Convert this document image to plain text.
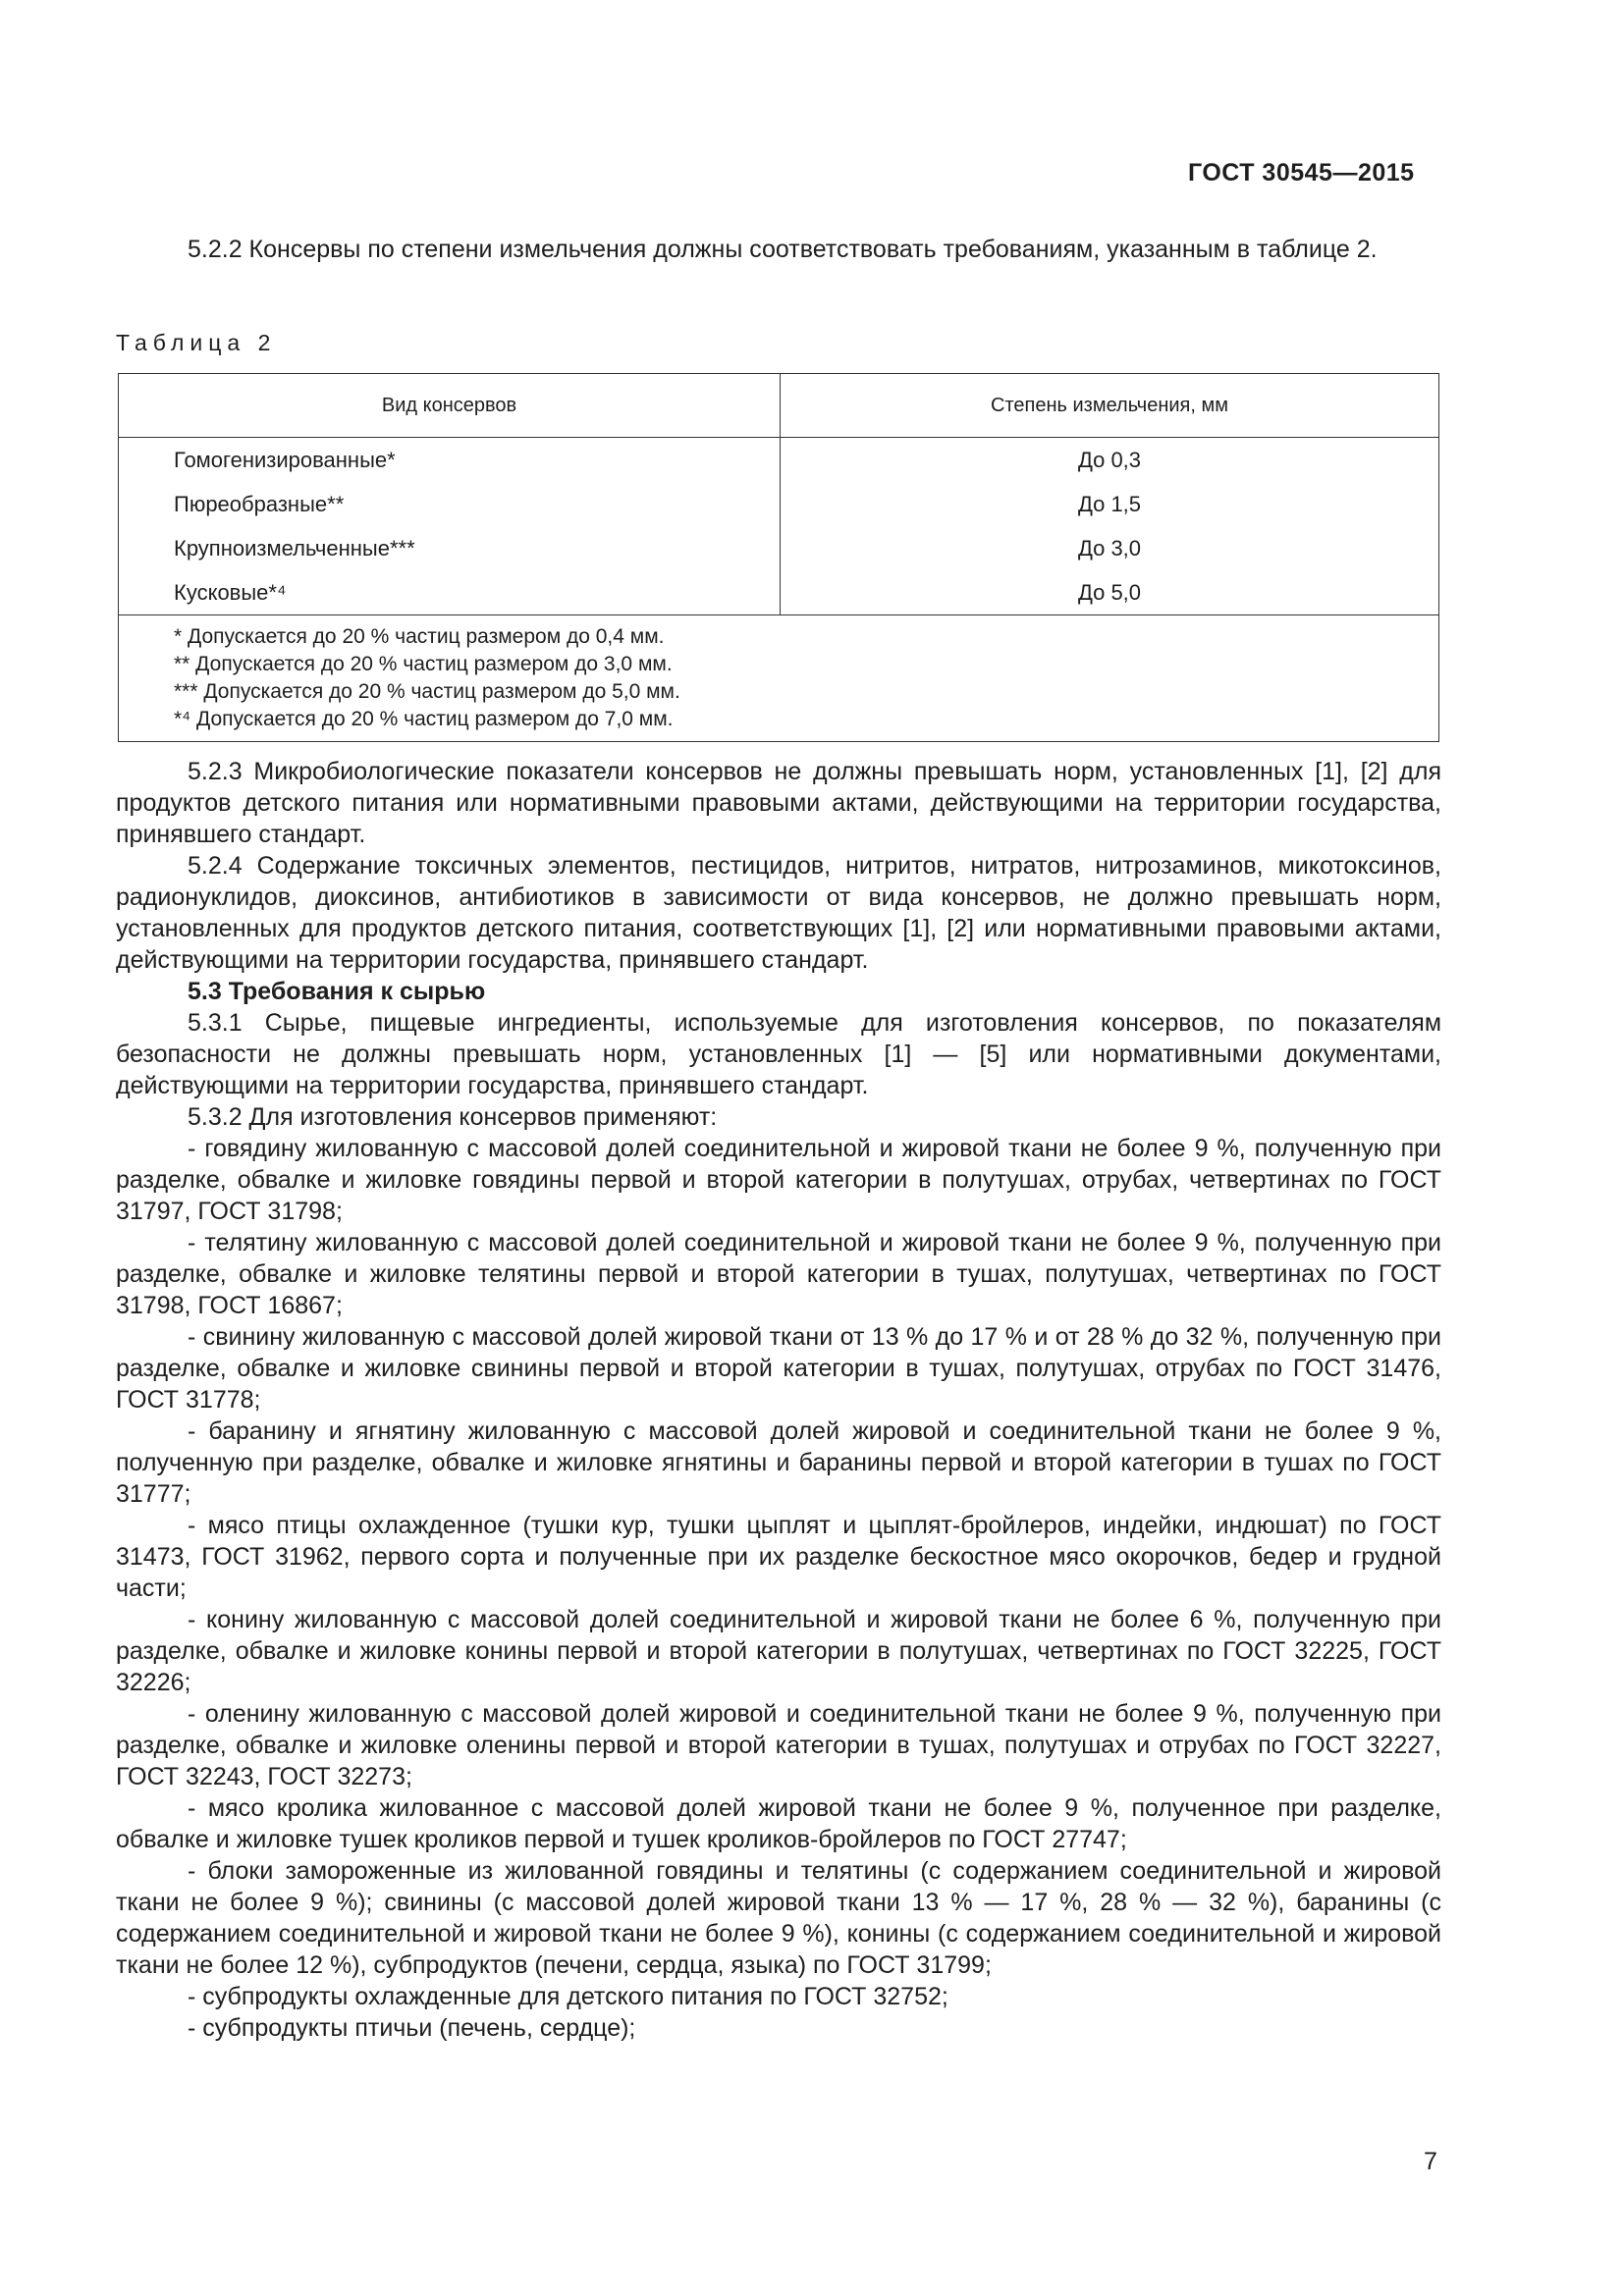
ГОСТ 30545—2015

5.2.2 Консервы по степени измельчения должны соответствовать требованиям, указанным в таблице 2.

Таблица 2
Вид консервов	Степень измельчения, мм
Гомогенизированные*	До 0,3
Пюреобразные**	До 1,5
Крупноизмельченные***	До 3,0
Кусковые*⁴	До 5,0

* Допускается до 20 % частиц размером до 0,4 мм.
** Допускается до 20 % частиц размером до 3,0 мм.
*** Допускается до 20 % частиц размером до 5,0 мм.
*⁴ Допускается до 20 % частиц размером до 7,0 мм.	

5.2.3 Микробиологические показатели консервов не должны превышать норм, установленных [1], [2] для продуктов детского питания или нормативными правовыми актами, действующими на территории государства, принявшего стандарт.

5.2.4 Содержание токсичных элементов, пестицидов, нитритов, нитратов, нитрозаминов, микотоксинов, радионуклидов, диоксинов, антибиотиков в зависимости от вида консервов, не должно превышать норм, установленных для продуктов детского питания, соответствующих [1], [2] или нормативными правовыми актами, действующими на территории государства, принявшего стандарт.

5.3 Требования к сырью

5.3.1 Сырье, пищевые ингредиенты, используемые для изготовления консервов, по показателям безопасности не должны превышать норм, установленных [1] — [5] или нормативными документами, действующими на территории государства, принявшего стандарт.

5.3.2 Для изготовления консервов применяют:

- говядину жилованную с массовой долей соединительной и жировой ткани не более 9 %, полученную при разделке, обвалке и жиловке говядины первой и второй категории в полутушах, отрубах, четвертинах по ГОСТ 31797, ГОСТ 31798;

- телятину жилованную с массовой долей соединительной и жировой ткани не более 9 %, полученную при разделке, обвалке и жиловке телятины первой и второй категории в тушах, полутушах, четвертинах по ГОСТ 31798, ГОСТ 16867;

- свинину жилованную с массовой долей жировой ткани от 13 % до 17 % и от 28 % до 32 %, полученную при разделке, обвалке и жиловке свинины первой и второй категории в тушах, полутушах, отрубах по ГОСТ 31476, ГОСТ 31778;

- баранину и ягнятину жилованную с массовой долей жировой и соединительной ткани не более 9 %, полученную при разделке, обвалке и жиловке ягнятины и баранины первой и второй категории в тушах по ГОСТ 31777;

- мясо птицы охлажденное (тушки кур, тушки цыплят и цыплят-бройлеров, индейки, индюшат) по ГОСТ 31473, ГОСТ 31962, первого сорта и полученные при их разделке бескостное мясо окорочков, бедер и грудной части;

- конину жилованную с массовой долей соединительной и жировой ткани не более 6 %, полученную при разделке, обвалке и жиловке конины первой и второй категории в полутушах, четвертинах по ГОСТ 32225, ГОСТ 32226;

- оленину жилованную с массовой долей жировой и соединительной ткани не более 9 %, полученную при разделке, обвалке и жиловке оленины первой и второй категории в тушах, полутушах и отрубах по ГОСТ 32227, ГОСТ 32243, ГОСТ 32273;

- мясо кролика жилованное с массовой долей жировой ткани не более 9 %, полученное при разделке, обвалке и жиловке тушек кроликов первой и тушек кроликов-бройлеров по ГОСТ 27747;

- блоки замороженные из жилованной говядины и телятины (с содержанием соединительной и жировой ткани не более 9 %); свинины (с массовой долей жировой ткани 13 % — 17 %, 28 % — 32 %), баранины (с содержанием соединительной и жировой ткани не более 9 %), конины (с содержанием соединительной и жировой ткани не более 12 %), субпродуктов (печени, сердца, языка) по ГОСТ 31799;

- субпродукты охлажденные для детского питания по ГОСТ 32752;

- субпродукты птичьи (печень, сердце);

7
